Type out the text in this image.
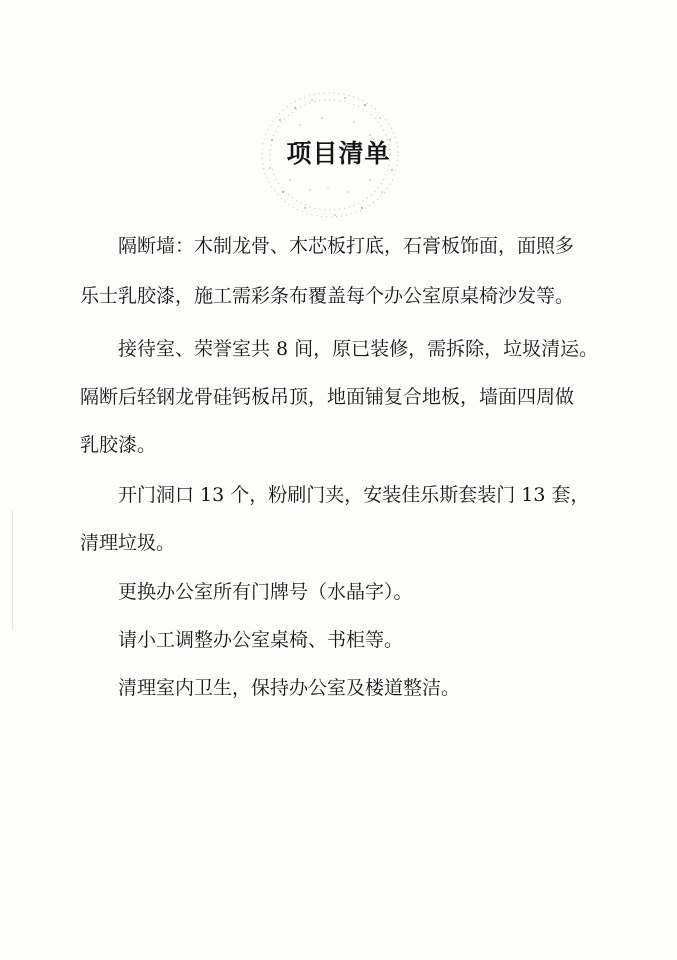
项目清单
隔断墙：木制龙骨、木芯板打底，石膏板饰面，面照多
乐士乳胶漆，施工需彩条布覆盖每个办公室原桌椅沙发等。
接待室、荣誉室共 8 间，原已装修，需拆除，垃圾清运。
隔断后轻钢龙骨硅钙板吊顶，地面铺复合地板，墙面四周做
乳胶漆。
开门洞口 13 个，粉刷门夹，安装佳乐斯套装门 13 套，
清理垃圾。
更换办公室所有门牌号（水晶字）。
请小工调整办公室桌椅、书柜等。
清理室内卫生，保持办公室及楼道整洁。
